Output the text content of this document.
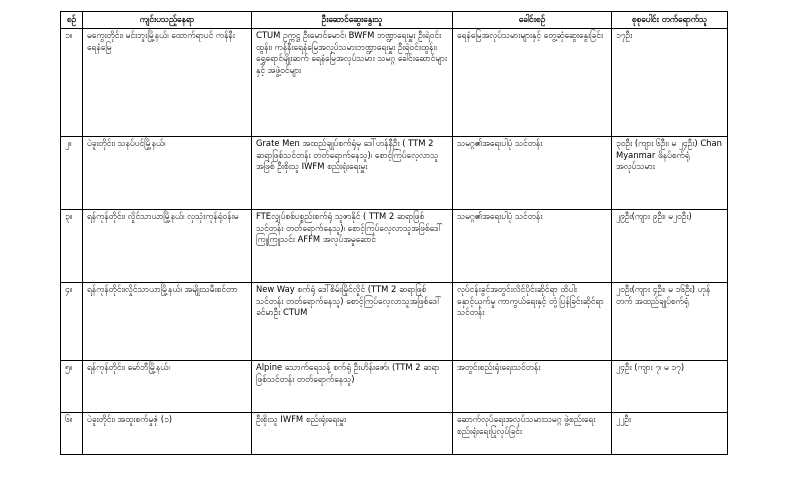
စဉ်	ကျင်းပသည့်နေရာ	ဦးဆောင်ဆွေးနွေးသူ	ခေါင်းစဉ်	စုစုပေါင်း တက်ရောက်သူ
၁။	မကွေးတိုင်း၊ မင်းဘူးမြို့နယ်၊ ထောက်ရာပင် ကန်နီးရေနံမြေ	CTUM ဥက္ကဋ္ဌ ဦးမောင်မောင်၊ BWFM ဘဏ္ဍာရေးမှူး ဦးရဲဝင်းထွန်း၊ ကန်နီးရေနံမြေအလုပ်သမားဘဏ္ဍာရေးမှူး ဦးရဲဝင်းထွန်း၊ ရွှေရောင်မျိုးဆက် ရေနံမြေအလုပ်သမား သမဂ္ဂ ခေါင်းဆောင်များနှင့် အဖွဲ့ဝင်များ	ရေနံမြေအလုပ်သမားများနှင့် တွေ့ဆုံဆွေးနွေးခြင်း	၁၇ဦး
၂။	ပဲခူးတိုင်း၊ သနပ်ပင်မြို့နယ်၊	Grate Men အထည်ချုပ်စက်ရုံမှ ဒေါ်ဟန်နီဦး ( TTM 2 ဆရာဖြစ်သင်တန်း တတ်ရောက်နေသူ)၊ စောင့်ကြပ်လေ့လာသူ အဖြစ် ဦးစိုးသူ IWFM စည်းရုံးရေးမှူး	သမဂ္ဂ၏အရေးပါပုံ သင်တန်း	၃၀ဦး (ကျား ၆ဦး၊ မ ၂၄ဦး) Chan Myanmar ဖိနပ်စက်ရုံ အလုပ်သမား
၃။	ရန်ကုန်တိုင်း၊ လှိုင်သာယာမြို့နယ်၊ လှသုံးကုန်ရုံဝန်းမ	FTEလျှပ်စစ်ပစ္စည်းစက်ရုံ သူဇာနိုင် ( TTM 2 ဆရာဖြစ်သင်တန်း တတ်ရောက်နေသူ)၊ စောင့်ကြပ်လေ့လာသူအဖြစ်ဒေါ်ကြူကြူသင်း AFFM အလုပ်အမှုဆောင်	သမဂ္ဂ၏အရေးပါပုံ သင်တန်း	၂၉ဦး(ကျား ၉ဦး၊ မ၂၀ဦး)
၄။	ရန်ကုန်တိုင်း၊လှိုင်သာယာမြို့နယ်၊ အမျိုးသမီးစင်တာ	New Way စက်ရုံ ဒေါ်စိမ်းမြိုင်လှိုင် (TTM 2 ဆရာဖြစ်သင်တန်း တတ်ရောက်နေသူ) စောင့်ကြပ်လေ့လာသူအဖြစ်ဒေါ်ခင်မာဦး CTUM	လုပ်ငန်းခွင်အတွင်းလိင်ပိုင်းဆိုင်ရာ ထိပါးနှောင့်ယှက်မှု ကာကွယ်ရေးနှင့် တုံ့ပြန်ခြင်းဆိုင်ရာ သင်တန်း	၂၀ဦး(ကျား ၄ဦး၊ မ ၁၆ဦး) ဟုန်တက် အထည်ချုပ်စက်ရုံ
၅။	ရန်ကုန်တိုင်း၊ မော်ဘီမြို့နယ်၊	Alpine သောက်ရေသန့် စက်ရုံ ဦးဟိန်းဇော်၊ (TTM 2 ဆရာဖြစ်သင်တန်း တတ်ရောက်နေသူ)	အတွင်းစည်းရုံးရေးသင်တန်း	၂၄ဦး (ကျား ၇၊ မ ၁၇)
၆။	ပဲခူးတိုင်း၊ အထူးစက်မှုဇုံ (၁)	ဦးစိုးသူ IWFM စည်းရုံးရေးမှူး	ဆောက်လုပ်ရေးအလုပ်သမားသမဂ္ဂ ဖွဲ့စည်းရေး စည်းရုံးရေးပြုလုပ်ခြင်း	၂၂ဦး
